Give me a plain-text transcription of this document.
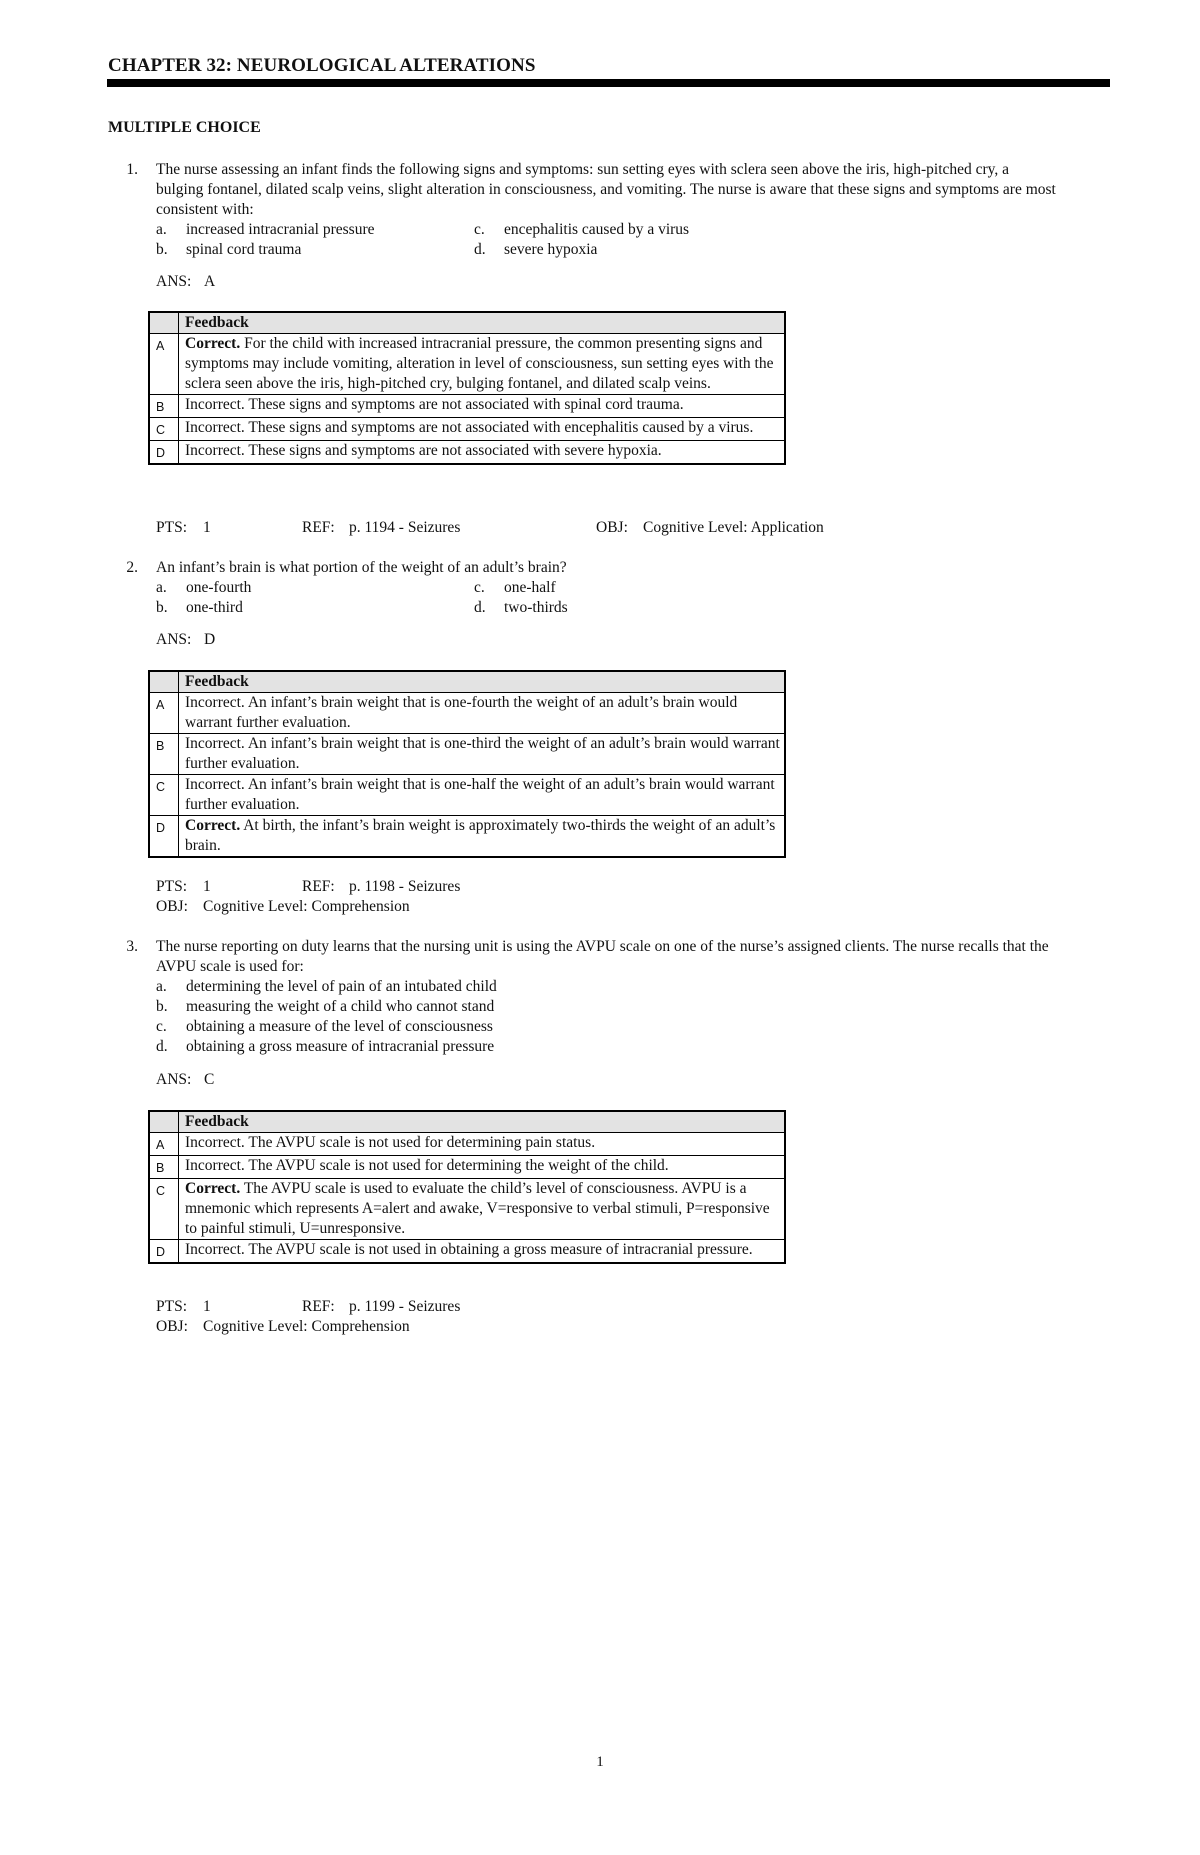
CHAPTER 32: NEUROLOGICAL ALTERATIONS
MULTIPLE CHOICE
1. The nurse assessing an infant finds the following signs and symptoms: sun setting eyes with sclera seen above the iris, high-pitched cry, a
bulging fontanel, dilated scalp veins, slight alteration in consciousness, and vomiting. The nurse is aware that these signs and symptoms are most
consistent with:
a. increased intracranial pressure
b. spinal cord trauma
c. encephalitis caused by a virus
d. severe hypoxia
ANS: A
	Feedback
A	Correct. For the child with increased intracranial pressure, the common presenting signs and symptoms may include vomiting, alteration in level of consciousness, sun setting eyes with the sclera seen above the iris, high-pitched cry, bulging fontanel, and dilated scalp veins.
B	Incorrect. These signs and symptoms are not associated with spinal cord trauma.
C	Incorrect. These signs and symptoms are not associated with encephalitis caused by a virus.
D	Incorrect. These signs and symptoms are not associated with severe hypoxia.
PTS: 1	REF: p. 1194 - Seizures	OBJ: Cognitive Level: Application
2. An infant’s brain is what portion of the weight of an adult’s brain?
a. one-fourth
b. one-third
c. one-half
d. two-thirds
ANS: D
	Feedback
A	Incorrect. An infant’s brain weight that is one-fourth the weight of an adult’s brain would warrant further evaluation.
B	Incorrect. An infant’s brain weight that is one-third the weight of an adult’s brain would warrant further evaluation.
C	Incorrect. An infant’s brain weight that is one-half the weight of an adult’s brain would warrant further evaluation.
D	Correct. At birth, the infant’s brain weight is approximately two-thirds the weight of an adult’s brain.
PTS: 1	REF: p. 1198 - Seizures
OBJ: Cognitive Level: Comprehension
3. The nurse reporting on duty learns that the nursing unit is using the AVPU scale on one of the nurse’s assigned clients. The nurse recalls that the
AVPU scale is used for:
a. determining the level of pain of an intubated child
b. measuring the weight of a child who cannot stand
c. obtaining a measure of the level of consciousness
d. obtaining a gross measure of intracranial pressure
ANS: C
	Feedback
A	Incorrect. The AVPU scale is not used for determining pain status.
B	Incorrect. The AVPU scale is not used for determining the weight of the child.
C	Correct. The AVPU scale is used to evaluate the child’s level of consciousness. AVPU is a mnemonic which represents A=alert and awake, V=responsive to verbal stimuli, P=responsive to painful stimuli, U=unresponsive.
D	Incorrect. The AVPU scale is not used in obtaining a gross measure of intracranial pressure.
PTS: 1	REF: p. 1199 - Seizures
OBJ: Cognitive Level: Comprehension
1
